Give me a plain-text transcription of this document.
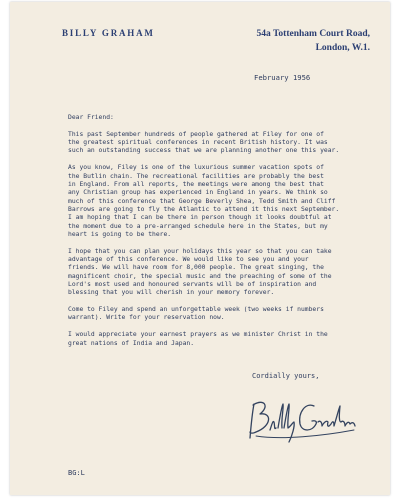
BILLY GRAHAM	54a Tottenham Court Road,
London, W.1.
February 1956

Dear Friend:

This past September hundreds of people gathered at Filey for one of
the greatest spiritual conferences in recent British history. It was
such an outstanding success that we are planning another one this year.

As you know, Filey is one of the luxurious summer vacation spots of
the Butlin chain. The recreational facilities are probably the best
in England. From all reports, the meetings were among the best that
any Christian group has experienced in England in years. We think so
much of this conference that George Beverly Shea, Tedd Smith and Cliff
Barrows are going to fly the Atlantic to attend it this next September.
I am hoping that I can be there in person though it looks doubtful at
the moment due to a pre-arranged schedule here in the States, but my
heart is going to be there.

I hope that you can plan your holidays this year so that you can take
advantage of this conference. We would like to see you and your
friends. We will have room for 8,000 people. The great singing, the
magnificent choir, the special music and the preaching of some of the
Lord's most used and honoured servants will be of inspiration and
blessing that you will cherish in your memory forever.

Come to Filey and spend an unforgettable week (two weeks if numbers
warrant). Write for your reservation now.

I would appreciate your earnest prayers as we minister Christ in the
great nations of India and Japan.

Cordially yours,
BG:L
